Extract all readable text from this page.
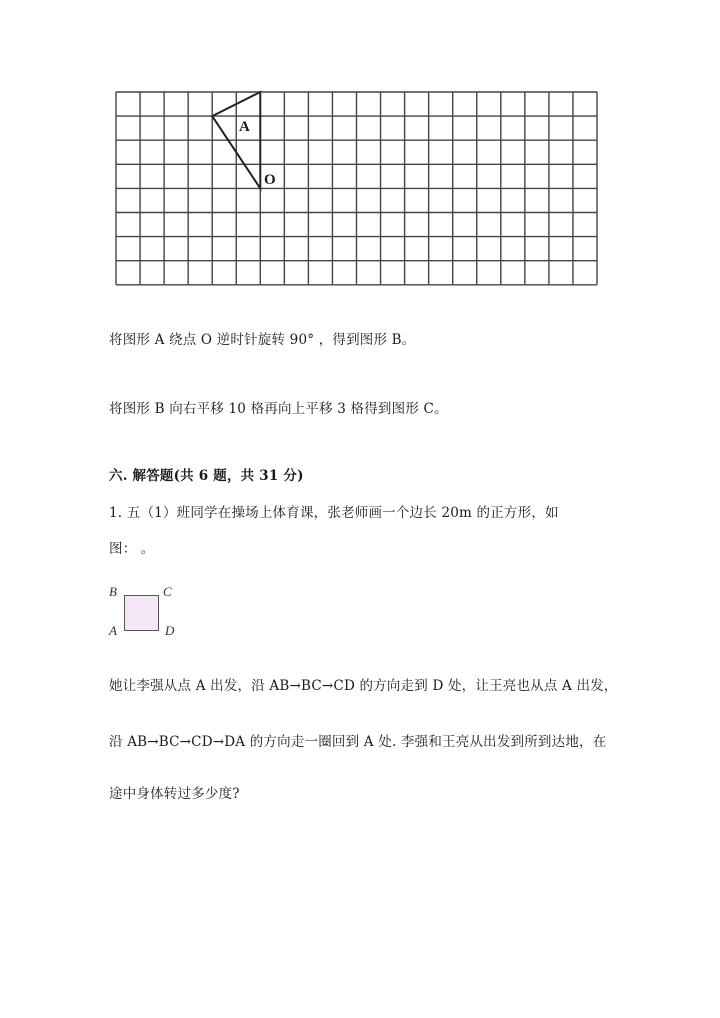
A
O
将图形 A 绕点 O 逆时针旋转 90° ，得到图形 B。
将图形 B 向右平移 10 格再向上平移 3 格得到图形 C。
六. 解答题(共 6 题，共 31 分)
1. 五（1）班同学在操场上体育课，张老师画一个边长 20m 的正方形，如
图： 。
B	C
A	D
她让李强从点 A 出发，沿 AB→BC→CD 的方向走到 D 处，让王亮也从点 A 出发，
沿 AB→BC→CD→DA 的方向走一圈回到 A 处. 李强和王亮从出发到所到达地，在
途中身体转过多少度?
